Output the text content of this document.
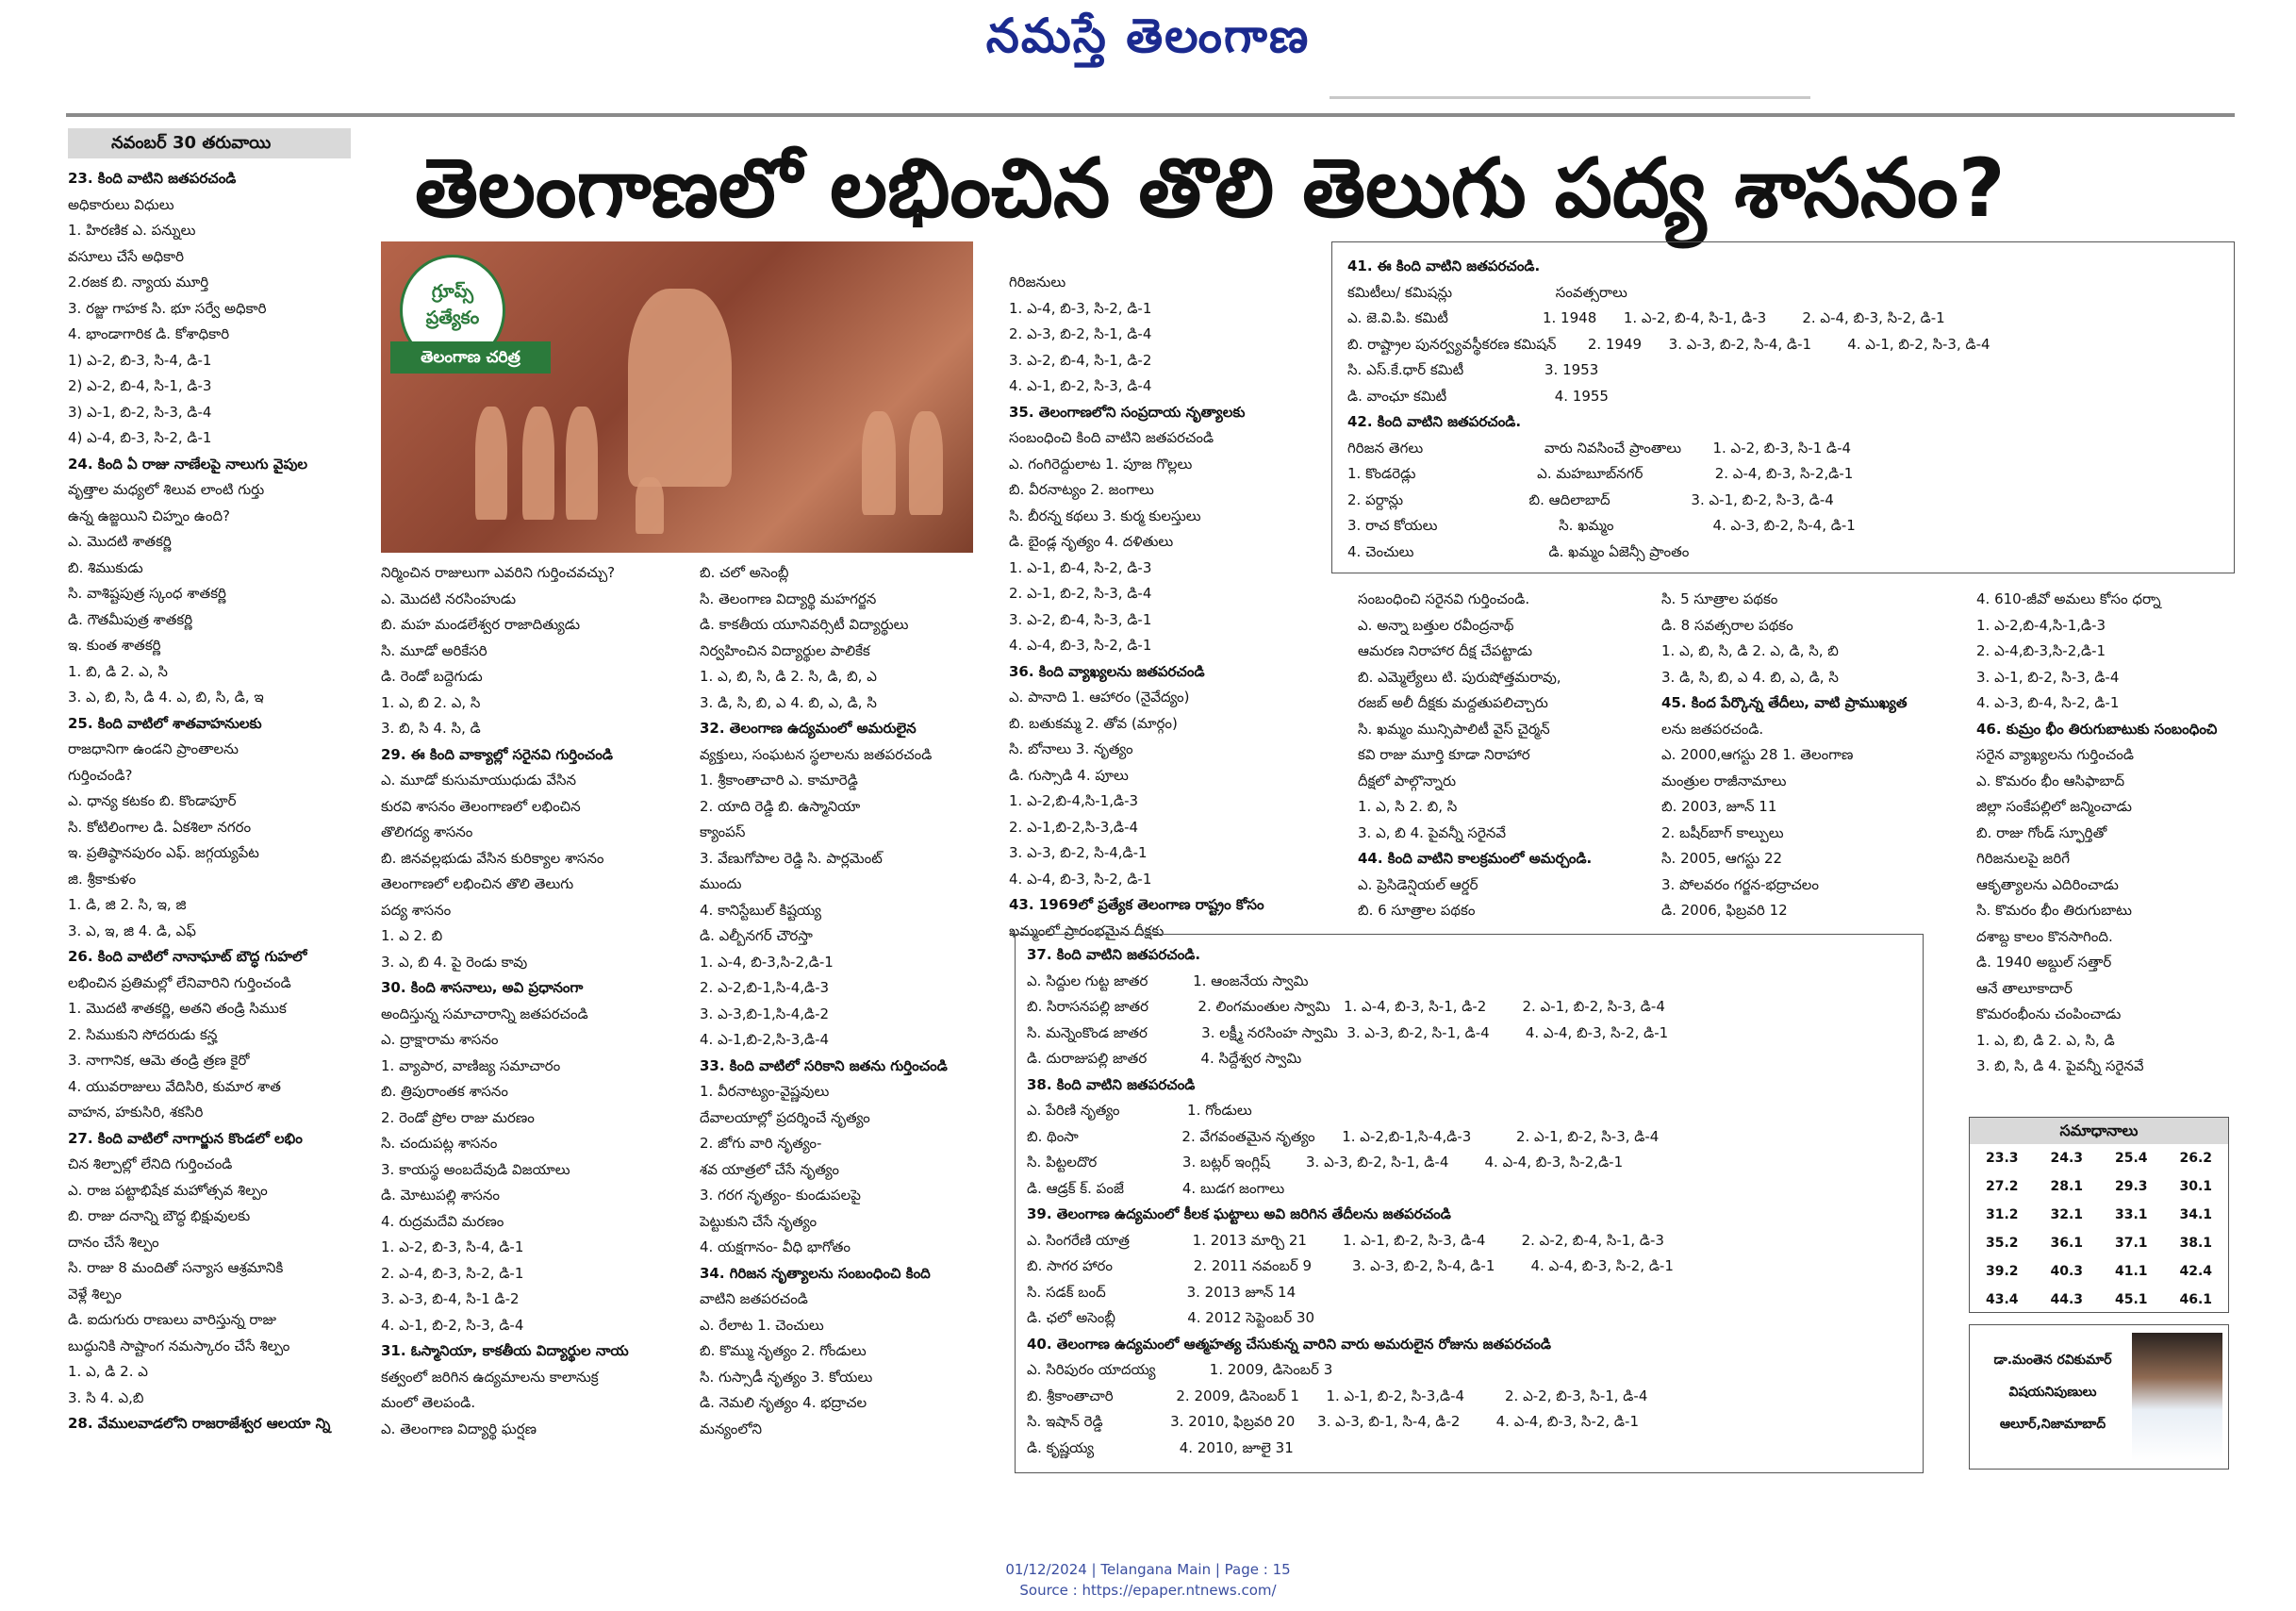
నమస్తే తెలంగాణ
నవంబర్ 30 తరువాయి	తెలంగాణలో లభించిన తొలి తెలుగు పద్య శాసనం?
గ్రూప్స్ ప్రత్యేకం
తెలంగాణ చరిత్ర
23. కింది వాటిని జతపరచండి
అధికారులు విధులు
1. హిరణిక ఎ. పన్నులు
వసూలు చేసే అధికారి
2.రజక బి. న్యాయ మూర్తి
3. రజ్జు గాహక సి. భూ సర్వే అధికారి
4. భాండాగారిక డి. కోశాధికారి
1) ఎ-2, బి-3, సి-4, డి-1
2) ఎ-2, బి-4, సి-1, డి-3
3) ఎ-1, బి-2, సి-3, డి-4
4) ఎ-4, బి-3, సి-2, డి-1
24. కింది ఏ రాజు నాణేలపై నాలుగు వైపుల
వృత్తాల మధ్యలో శిలువ లాంటి గుర్తు
ఉన్న ఉజ్జయిని చిహ్నం ఉంది?
ఎ. మొదటి శాతకర్ణి
బి. శిముకుడు
సి. వాశిష్టపుత్ర స్కంధ శాతకర్ణి
డి. గౌతమీపుత్ర శాతకర్ణి
ఇ. కుంత శాతకర్ణి
1. బి, డి 2. ఎ, సి
3. ఎ, బి, సి, డి 4. ఎ, బి, సి, డి, ఇ
25. కింది వాటిలో శాతవాహనులకు
రాజధానిగా ఉండని ప్రాంతాలను
గుర్తించండి?
ఎ. ధాన్య కటకం బి. కొండాపూర్
సి. కోటిలింగాల డి. ఏకశిలా నగరం
ఇ. ప్రతిష్ఠానపురం ఎఫ్. జగ్గయ్యపేట
జి. శ్రీకాకుళం
1. డి, జి 2. సి, ఇ, జి
3. ఎ, ఇ, జి 4. డి, ఎఫ్
26. కింది వాటిలో నానాఘాట్ బౌద్ధ గుహలో
లభించిన ప్రతిమల్లో లేనివారిని గుర్తించండి
1. మొదటి శాతకర్ణి, అతని తండ్రి సిముక
2. సిముకుని సోదరుడు కన్హ
3. నాగానిక, ఆమె తండ్రి త్రణ కైరో
4. యువరాజులు వేదిసిరి, కుమార శాత
వాహన, హకుసిరి, శకసిరి
27. కింది వాటిలో నాగార్జున కొండలో లభిం
చిన శిల్పాల్లో లేనిది గుర్తించండి
ఎ. రాజ పట్టాభిషేక మహోత్సవ శిల్పం
బి. రాజు దనాన్ని బౌద్ధ భిక్షువులకు
దానం చేసే శిల్పం
సి. రాజు 8 మందితో సన్యాస ఆశ్రమానికి
వెళ్లే శిల్పం
డి. ఐదుగురు రాణులు వారిస్తున్న రాజు
బుద్ధునికి సాష్టాంగ నమస్కారం చేసే శిల్పం
1. ఎ, డి 2. ఎ
3. సి 4. ఎ,బి
28. వేములవాడలోని రాజరాజేశ్వర ఆలయా న్ని
నిర్మించిన రాజులుగా ఎవరిని గుర్తించవచ్చు?
ఎ. మొదటి నరసింహుడు
బి. మహ మండలేశ్వర రాజాదిత్యుడు
సి. మూడో అరికేసరి
డి. రెండో బద్దెగుడు
1. ఎ, బి 2. ఎ, సి
3. బి, సి 4. సి, డి
29. ఈ కింది వాక్యాల్లో సరైనవి గుర్తించండి
ఎ. మూడో కుసుమాయుధుడు వేసిన
కురవి శాసనం తెలంగాణలో లభించిన
తొలిగద్య శాసనం
బి. జినవల్లభుడు వేసిన కురిక్యాల శాసనం
తెలంగాణలో లభించిన తొలి తెలుగు
పద్య శాసనం
1. ఎ 2. బి
3. ఎ, బి 4. పై రెండు కావు
30. కింది శాసనాలు, అవి ప్రధానంగా
అందిస్తున్న సమాచారాన్ని జతపరచండి
ఎ. ద్రాక్షారామ శాసనం
1. వ్యాపార, వాణిజ్య సమాచారం
బి. త్రిపురాంతక శాసనం
2. రెండో ప్రోల రాజు మరణం
సి. చందుపట్ల శాసనం
3. కాయస్థ అంబదేవుడి విజయాలు
డి. మోటుపల్లి శాసనం
4. రుద్రమదేవి మరణం
1. ఎ-2, బి-3, సి-4, డి-1
2. ఎ-4, బి-3, సి-2, డి-1
3. ఎ-3, బి-4, సి-1 డి-2
4. ఎ-1, బి-2, సి-3, డి-4
31. ఓస్మానియా, కాకతీయ విద్యార్థుల నాయ
కత్వంలో జరిగిన ఉద్యమాలను కాలానుక్ర
మంలో తెలపండి.
ఎ. తెలంగాణ విద్యార్థి ఘర్షణ
బి. చలో అసెంబ్లీ
సి. తెలంగాణ విద్యార్థి మహగర్జన
డి. కాకతీయ యూనివర్సిటీ విద్యార్థులు
నిర్వహించిన విద్యార్థుల పాలికేక
1. ఎ, బి, సి, డి 2. సి, డి, బి, ఎ
3. డి, సి, బి, ఎ 4. బి, ఎ, డి, సి
32. తెలంగాణ ఉద్యమంలో అమరులైన
వ్యక్తులు, సంఘటన స్థలాలను జతపరచండి
1. శ్రీకాంతాచారి ఎ. కామారెడ్డి
2. యాది రెడ్డి బి. ఉస్మానియా
క్యాంపస్
3. వేణుగోపాల రెడ్డి సి. పార్లమెంట్
ముందు
4. కానిస్టేబుల్ కిష్టయ్య
డి. ఎల్బీనగర్ చౌరస్తా
1. ఎ-4, బి-3,సి-2,డి-1
2. ఎ-2,బి-1,సి-4,డి-3
3. ఎ-3,బి-1,సి-4,డి-2
4. ఎ-1,బి-2,సి-3,డి-4
33. కింది వాటిలో సరికాని జతను గుర్తించండి
1. వీరనాట్యం-వైష్ణవులు
దేవాలయాల్లో ప్రదర్శించే నృత్యం
2. జోగు వారి నృత్యం-
శవ యాత్రలో చేసే నృత్యం
3. గరగ నృత్యం- కుండుపలపై
పెట్టుకుని చేసే నృత్యం
4. యక్షగానం- వీధి భాగోతం
34. గిరిజన నృత్యాలను సంబంధించి కింది
వాటిని జతపరచండి
ఎ. రేలాట 1. చెంచులు
బి. కొమ్ము నృత్యం 2. గోండులు
సి. గుస్సాడీ నృత్యం 3. కోయలు
డి. నెమలి నృత్యం 4. భద్రాచల
మన్యంలోని
గిరిజనులు
1. ఎ-4, బి-3, సి-2, డి-1
2. ఎ-3, బి-2, సి-1, డి-4
3. ఎ-2, బి-4, సి-1, డి-2
4. ఎ-1, బి-2, సి-3, డి-4
35. తెలంగాణలోని సంప్రదాయ నృత్యాలకు
సంబంధించి కింది వాటిని జతపరచండి
ఎ. గంగిరెద్దులాట 1. పూజ గొల్లలు
బి. వీరనాట్యం 2. జంగాలు
సి. బీరన్న కథలు 3. కుర్మ కులస్తులు
డి. బైండ్ల నృత్యం 4. దళితులు
1. ఎ-1, బి-4, సి-2, డి-3
2. ఎ-1, బి-2, సి-3, డి-4
3. ఎ-2, బి-4, సి-3, డి-1
4. ఎ-4, బి-3, సి-2, డి-1
36. కింది వ్యాఖ్యలను జతపరచండి
ఎ. పానాది 1. ఆహారం (నైవేద్యం)
బి. బతుకమ్మ 2. తోవ (మార్గం)
సి. బోనాలు 3. నృత్యం
డి. గుస్సాడి 4. పూలు
1. ఎ-2,బి-4,సి-1,డి-3
2. ఎ-1,బి-2,సి-3,డి-4
3. ఎ-3, బి-2, సి-4,డి-1
4. ఎ-4, బి-3, సి-2, డి-1
43. 1969లో ప్రత్యేక తెలంగాణ రాష్ట్రం కోసం
ఖమ్మంలో ప్రారంభమైన దీక్షకు
సంబంధించి సరైనవి గుర్తించండి.
ఎ. అన్నా బత్తుల రవీంద్రనాథ్
ఆమరణ నిరాహార దీక్ష చేపట్టాడు
బి. ఎమ్మెల్యేలు టి. పురుషోత్తమరావు,
రజబ్ అలీ దీక్షకు మద్దతుపలిచ్చారు
సి. ఖమ్మం మున్సిపాలిటీ వైస్ చైర్మన్
కవి రాజు మూర్తి కూడా నిరాహార
దీక్షలో పాల్గొన్నారు
1. ఎ, సి 2. బి, సి
3. ఎ, బి 4. పైవన్నీ సరైనవే
44. కింది వాటిని కాలక్రమంలో అమర్చండి.
ఎ. ప్రెసిడెన్షియల్ ఆర్డర్
బి. 6 సూత్రాల పథకం
సి. 5 సూత్రాల పథకం
డి. 8 సవత్సరాల పథకం
1. ఎ, బి, సి, డి 2. ఎ, డి, సి, బి
3. డి, సి, బి, ఎ 4. బి, ఎ, డి, సి
45. కింద పేర్కొన్న తేదీలు, వాటి ప్రాముఖ్యత
లను జతపరచండి.
ఎ. 2000,ఆగస్టు 28 1. తెలంగాణ
మంత్రుల రాజీనామాలు
బి. 2003, జూన్ 11
2. బషీర్‌బాగ్ కాల్పులు
సి. 2005, ఆగస్టు 22
3. పోలవరం గర్జన-భద్రాచలం
డి. 2006, ఫిబ్రవరి 12
4. 610-జీవో అమలు కోసం ధర్నా
1. ఎ-2,బి-4,సి-1,డి-3
2. ఎ-4,బి-3,సి-2,డి-1
3. ఎ-1, బి-2, సి-3, డి-4
4. ఎ-3, బి-4, సి-2, డి-1
46. కుమ్రం భీం తిరుగుబాటుకు సంబంధించి
సరైన వ్యాఖ్యలను గుర్తించండి
ఎ. కొమరం భీం ఆసిఫాబాద్
జిల్లా సంకేపల్లిలో జన్మించాడు
బి. రాజు గోండ్ స్ఫూర్తితో
గిరిజనులపై జరిగే
ఆకృత్యాలను ఎదిరించాడు
సి. కొమరం భీం తిరుగుబాటు
దశాబ్ద కాలం కొనసాగింది.
డి. 1940 అబ్దుల్ సత్తార్
ఆనే తాలూకాదార్
కొమరంభీంను చంపించాడు
1. ఎ, బి, డి 2. ఎ, సి, డి
3. బి, సి, డి 4. పైవన్నీ సరైనవే
41. ఈ కింది వాటిని జతపరచండి.
కమిటీలు/ కమిషన్లు                       సంవత్సరాలు
ఎ. జె.వి.పి. కమిటీ                     1. 1948      1. ఎ-2, బి-4, సి-1, డి-3        2. ఎ-4, బి-3, సి-2, డి-1
బి. రాష్ట్రాల పునర్వ్యవస్థీకరణ కమిషన్       2. 1949      3. ఎ-3, బి-2, సి-4, డి-1        4. ఎ-1, బి-2, సి-3, డి-4
సి. ఎస్.కే.ధార్ కమిటీ                  3. 1953
డి. వాంఛూ కమిటీ                        4. 1955
42. కింది వాటిని జతపరచండి.
గిరిజన తెగలు                           వారు నివసించే ప్రాంతాలు       1. ఎ-2, బి-3, సి-1 డి-4
1. కొండరెడ్లు                           ఎ. మహబూబ్‌నగర్                2. ఎ-4, బి-3, సి-2,డి-1
2. పర్దాన్లు                            బి. ఆదిలాబాద్                  3. ఎ-1, బి-2, సి-3, డి-4
3. రాచ కోయలు                           సి. ఖమ్మం                      4. ఎ-3, బి-2, సి-4, డి-1
4. చెంచులు                              డి. ఖమ్మం ఏజెన్సీ ప్రాంతం
37. కింది వాటిని జతపరచండి.
ఎ. సిద్దుల గుట్ట జాతర          1. ఆంజనేయ స్వామి
బి. సిరాసనపల్లి జాతర           2. లింగమంతుల స్వామి   1. ఎ-4, బి-3, సి-1, డి-2        2. ఎ-1, బి-2, సి-3, డి-4
సి. మన్నెంకొండ జాతర            3. లక్ష్మీ నరసింహ స్వామి  3. ఎ-3, బి-2, సి-1, డి-4        4. ఎ-4, బి-3, సి-2, డి-1
డి. దురాజుపల్లి జాతర            4. సిద్దేశ్వర స్వామి
38. కింది వాటిని జతపరచండి
ఎ. పేరిణి నృత్యం               1. గోండులు
బి. థింసా                       2. వేగవంతమైన నృత్యం      1. ఎ-2,బి-1,సి-4,డి-3          2. ఎ-1, బి-2, సి-3, డి-4
సి. పిట్టలదొర                   3. బట్లర్ ఇంగ్లిష్        3. ఎ-3, బి-2, సి-1, డి-4        4. ఎ-4, బి-3, సి-2,డి-1
డి. ఆడ్రక్ క్. పంజే             4. బుడగ జంగాలు
39. తెలంగాణ ఉద్యమంలో కీలక ఘట్టాలు అవి జరిగిన తేదీలను జతపరచండి
ఎ. సింగరేణి యాత్ర              1. 2013 మార్చి 21        1. ఎ-1, బి-2, సి-3, డి-4        2. ఎ-2, బి-4, సి-1, డి-3
బి. సాగర హారం                  2. 2011 నవంబర్ 9         3. ఎ-3, బి-2, సి-4, డి-1        4. ఎ-4, బి-3, సి-2, డి-1
సి. సడక్ బంద్                  3. 2013 జూన్ 14
డి. ఛలో అసెంబ్లీ                4. 2012 సెప్టెంబర్ 30
40. తెలంగాణ ఉద్యమంలో ఆత్మహత్య చేసుకున్న వారిని వారు అమరులైన రోజును జతపరచండి
ఎ. సిరిపురం యాదయ్య            1. 2009, డిసెంబర్ 3
బి. శ్రీకాంతాచారి              2. 2009, డిసెంబర్ 1      1. ఎ-1, బి-2, సి-3,డి-4         2. ఎ-2, బి-3, సి-1, డి-4
సి. ఇషాన్ రెడ్డి               3. 2010, ఫిబ్రవరి 20     3. ఎ-3, బి-1, సి-4, డి-2        4. ఎ-4, బి-3, సి-2, డి-1
డి. కృష్ణయ్య                   4. 2010, జూలై 31
సమాధానాలు
23.3	24.3	25.4	26.2
27.2	28.1	29.3	30.1
31.2	32.1	33.1	34.1
35.2	36.1	37.1	38.1
39.2	40.3	41.1	42.4
43.4	44.3	45.1	46.1
డా.మంతెన రవికుమార్
విషయనిపుణులు
ఆలూర్,నిజామాబాద్
01/12/2024 | Telangana Main | Page : 15
Source : https://epaper.ntnews.com/
